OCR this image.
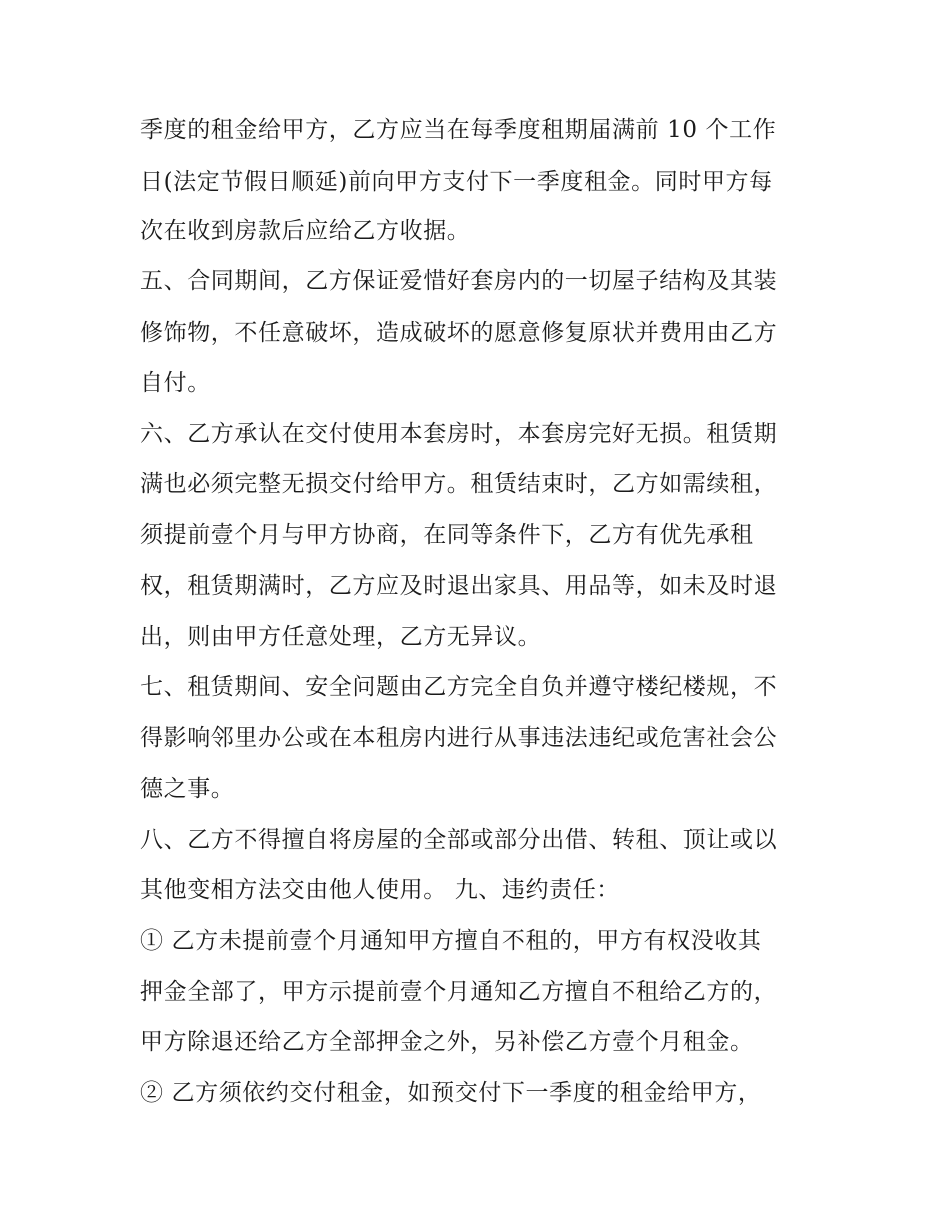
季度的租金给甲方，乙方应当在每季度租期届满前 10 个工作
日(法定节假日顺延)前向甲方支付下一季度租金。同时甲方每
次在收到房款后应给乙方收据。
五、合同期间，乙方保证爱惜好套房内的一切屋子结构及其装
修饰物，不任意破坏，造成破坏的愿意修复原状并费用由乙方
自付。
六、乙方承认在交付使用本套房时，本套房完好无损。租赁期
满也必须完整无损交付给甲方。租赁结束时，乙方如需续租，
须提前壹个月与甲方协商，在同等条件下，乙方有优先承租
权，租赁期满时，乙方应及时退出家具、用品等，如未及时退
出，则由甲方任意处理，乙方无异议。
七、租赁期间、安全问题由乙方完全自负并遵守楼纪楼规，不
得影响邻里办公或在本租房内进行从事违法违纪或危害社会公
德之事。
八、乙方不得擅自将房屋的全部或部分出借、转租、顶让或以
其他变相方法交由他人使用。 九、违约责任：
① 乙方未提前壹个月通知甲方擅自不租的，甲方有权没收其
押金全部了，甲方示提前壹个月通知乙方擅自不租给乙方的，
甲方除退还给乙方全部押金之外，另补偿乙方壹个月租金。
② 乙方须依约交付租金，如预交付下一季度的租金给甲方，
